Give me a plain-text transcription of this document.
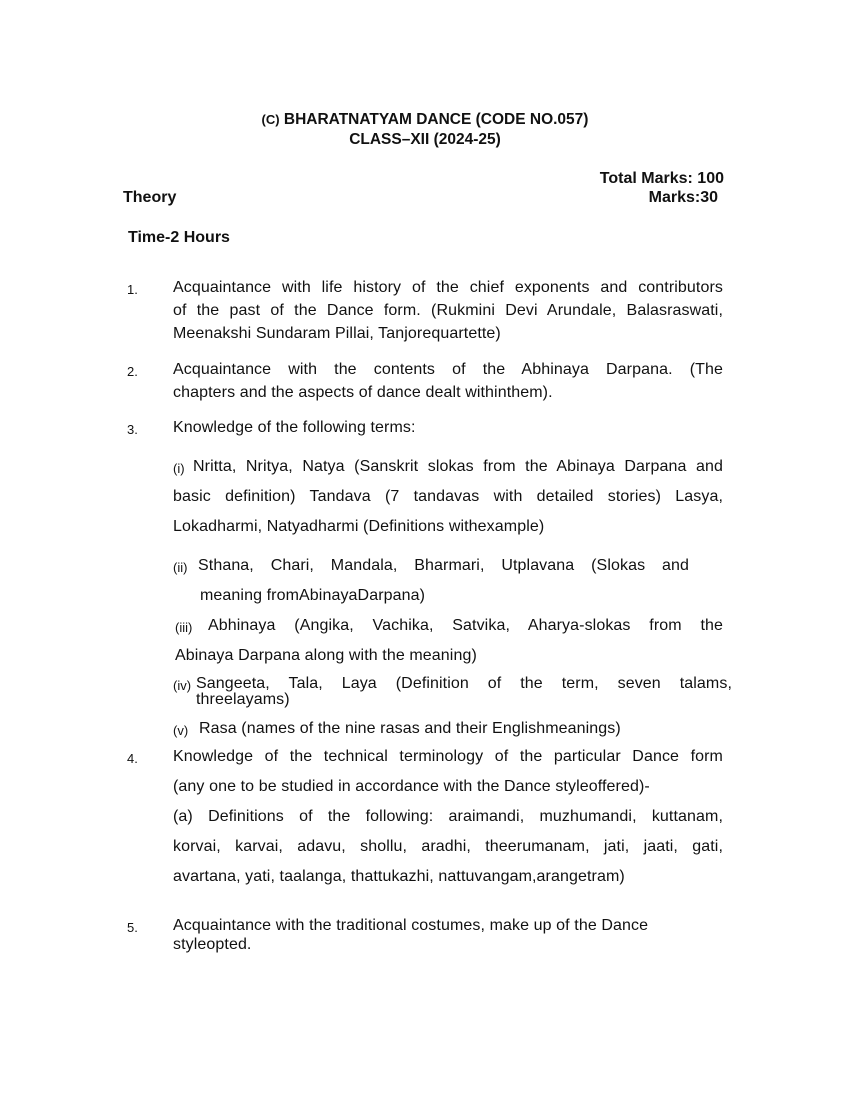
(C) BHARATNATYAM DANCE (CODE NO.057)
CLASS–XII (2024-25)
Total Marks: 100
Theory	Marks:30
Time-2 Hours
1. Acquaintance with life history of the chief exponents and contributors
of the past of the Dance form. (Rukmini Devi Arundale, Balasraswati,
Meenakshi Sundaram Pillai, Tanjorequartette)
2. Acquaintance with the contents of the Abhinaya Darpana. (The
chapters and the aspects of dance dealt withinthem).
3. Knowledge of the following terms:
(i) Nritta, Nritya, Natya (Sanskrit slokas from the Abinaya Darpana and
basic definition) Tandava (7 tandavas with detailed stories) Lasya,
Lokadharmi, Natyadharmi (Definitions withexample)
(ii) Sthana, Chari, Mandala, Bharmari, Utplavana (Slokas and
meaning fromAbinayaDarpana)
(iii) Abhinaya (Angika, Vachika, Satvika, Aharya-slokas from the
Abinaya Darpana along with the meaning)
(iv) Sangeeta, Tala, Laya (Definition of the term, seven talams,
threelayams)
(v) Rasa (names of the nine rasas and their Englishmeanings)
4. Knowledge of the technical terminology of the particular Dance form
(any one to be studied in accordance with the Dance styleoffered)-
(a) Definitions of the following: araimandi, muzhumandi, kuttanam,
korvai, karvai, adavu, shollu, aradhi, theerumanam, jati, jaati, gati,
avartana, yati, taalanga, thattukazhi, nattuvangam,arangetram)
5. Acquaintance with the traditional costumes, make up of the Dance
styleopted.
